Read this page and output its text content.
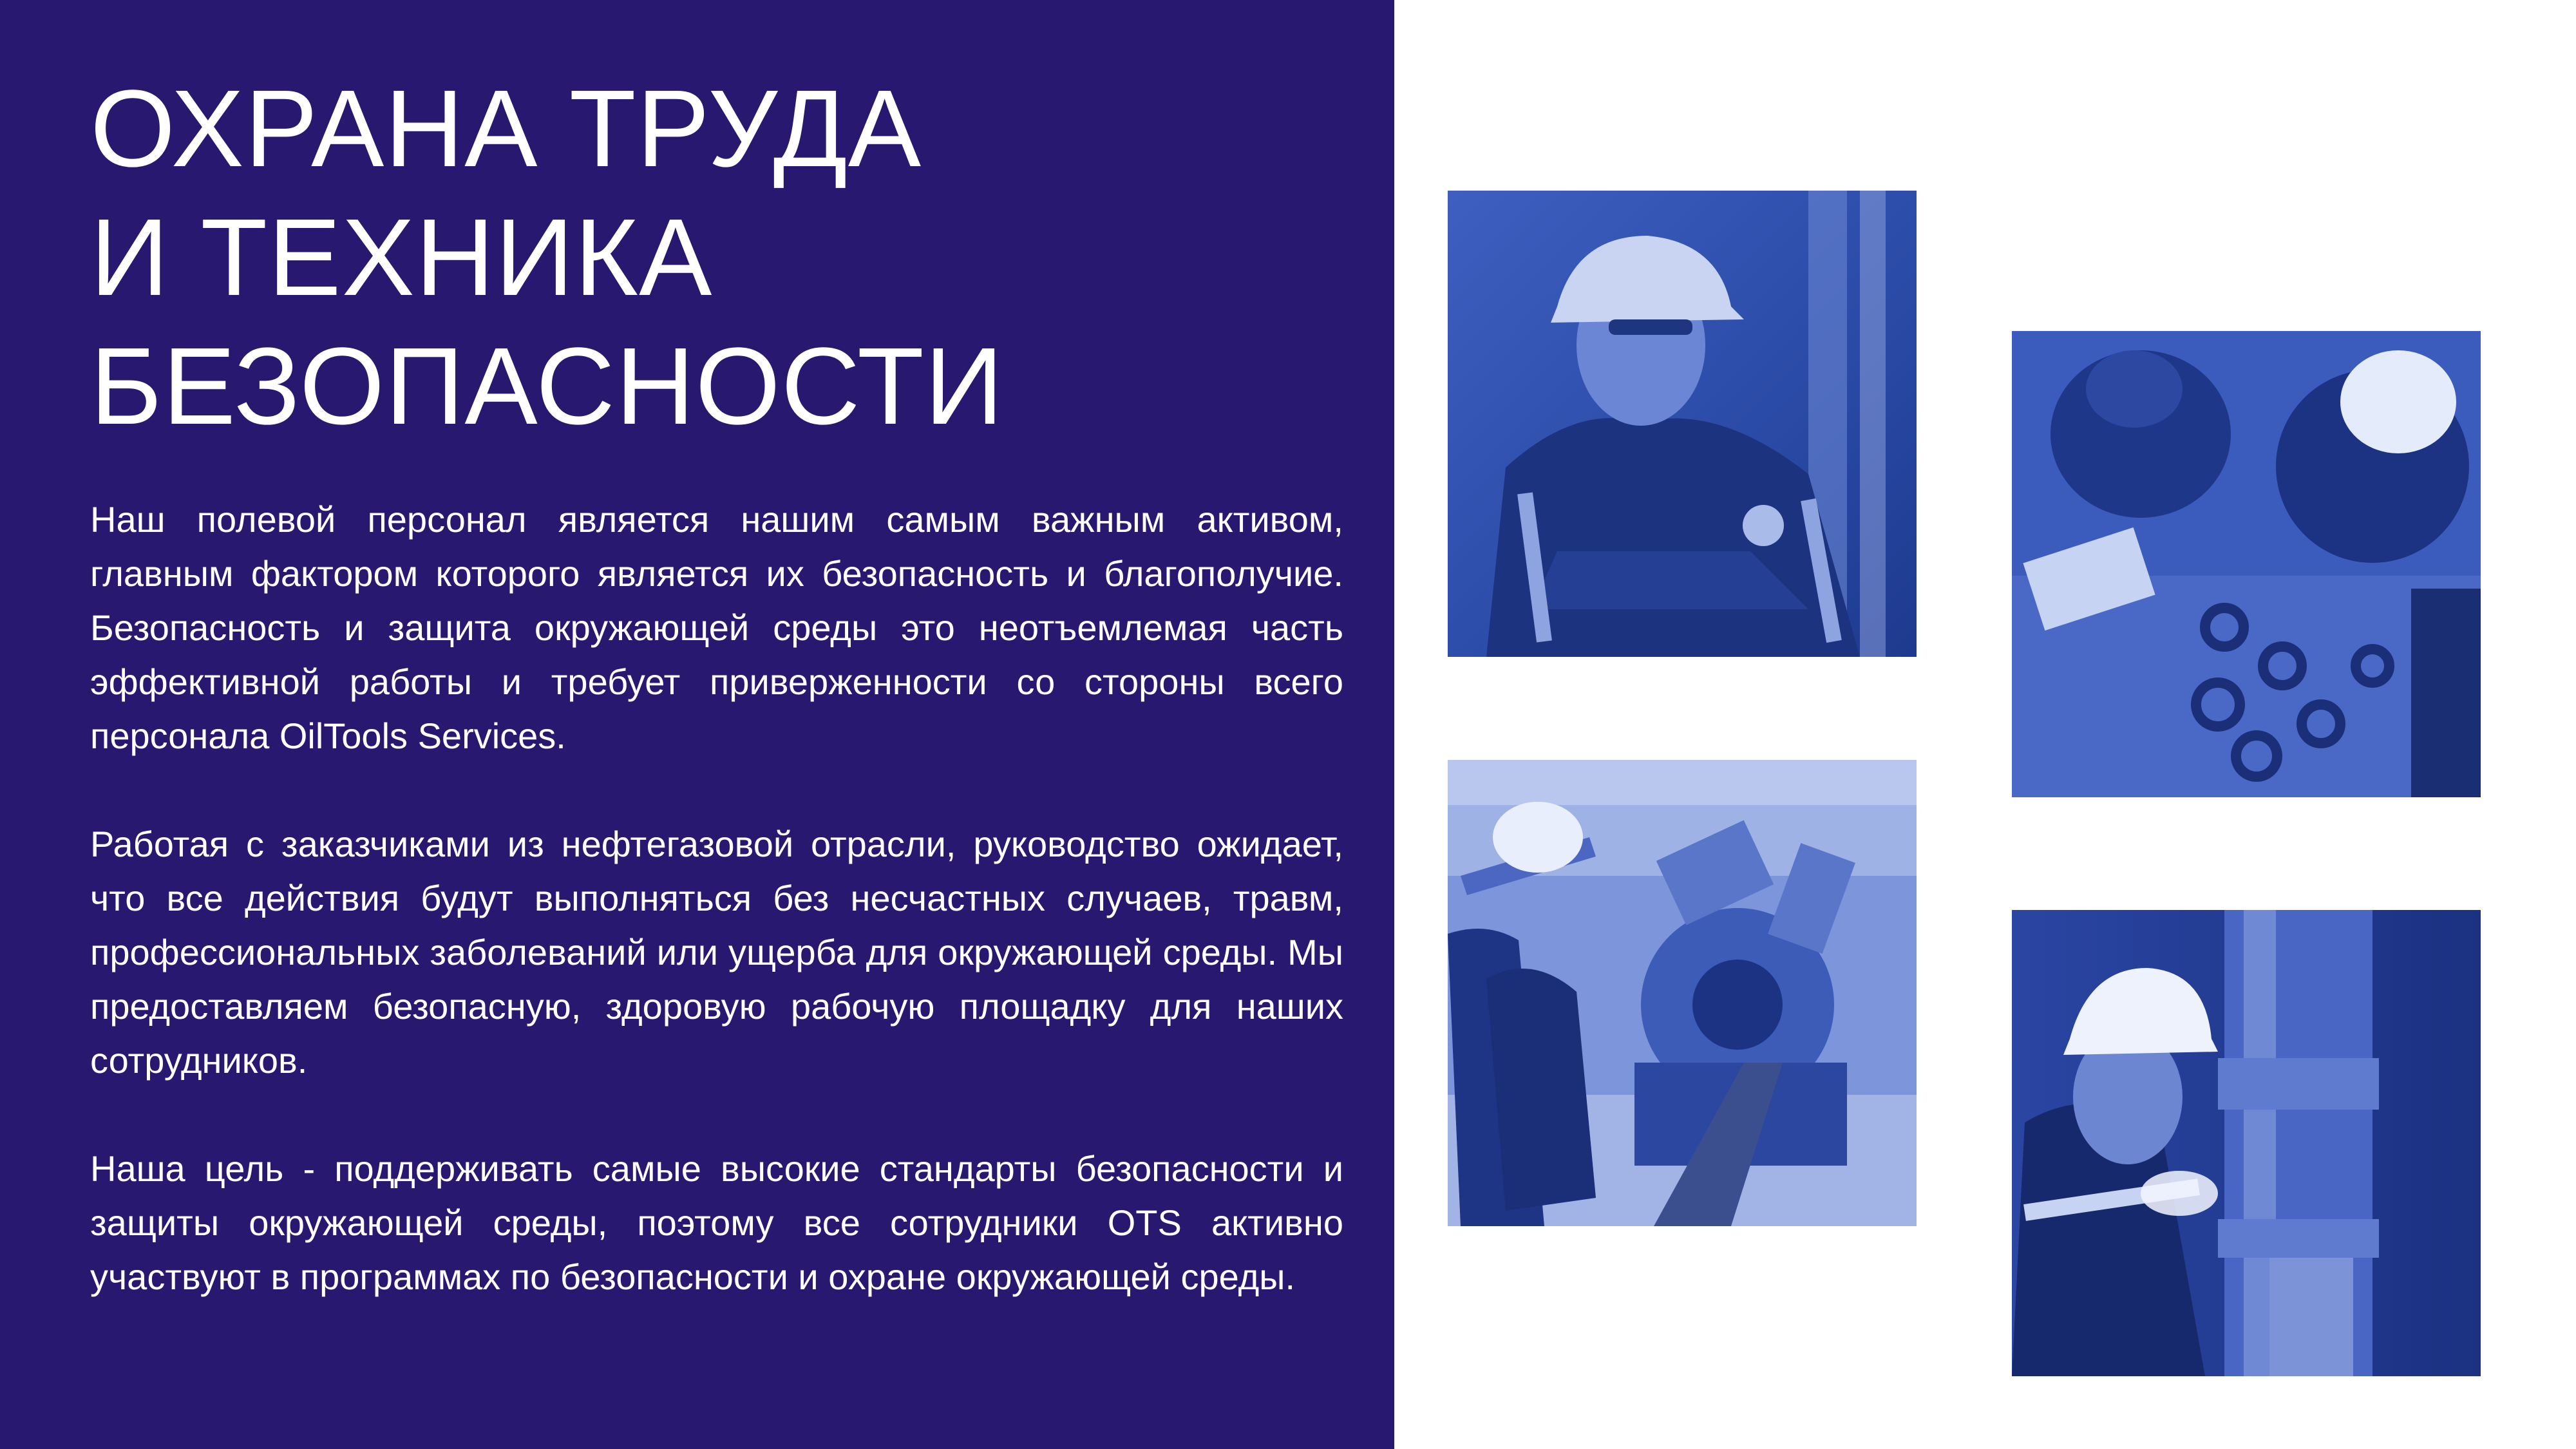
ОХРАНА ТРУДА
И ТЕХНИКА
БЕЗОПАСНОСТИ

Наш полевой персонал является нашим самым важным активом, главным фактором которого является их безопасность и благополучие. Безопасность и защита окружающей среды это неотъемлемая часть эффективной работы и требует приверженности со стороны всего персонала OilTools Services.

Работая с заказчиками из нефтегазовой отрасли, руководство ожидает, что все действия будут выполняться без несчастных случаев, травм, профессиональных заболеваний или ущерба для окружающей среды. Мы предоставляем безопасную, здоровую рабочую площадку для наших сотрудников.

Наша цель - поддерживать самые высокие стандарты безопасности и защиты окружающей среды, поэтому все сотрудники OTS активно участвуют в программах по безопасности и охране окружающей среды.
